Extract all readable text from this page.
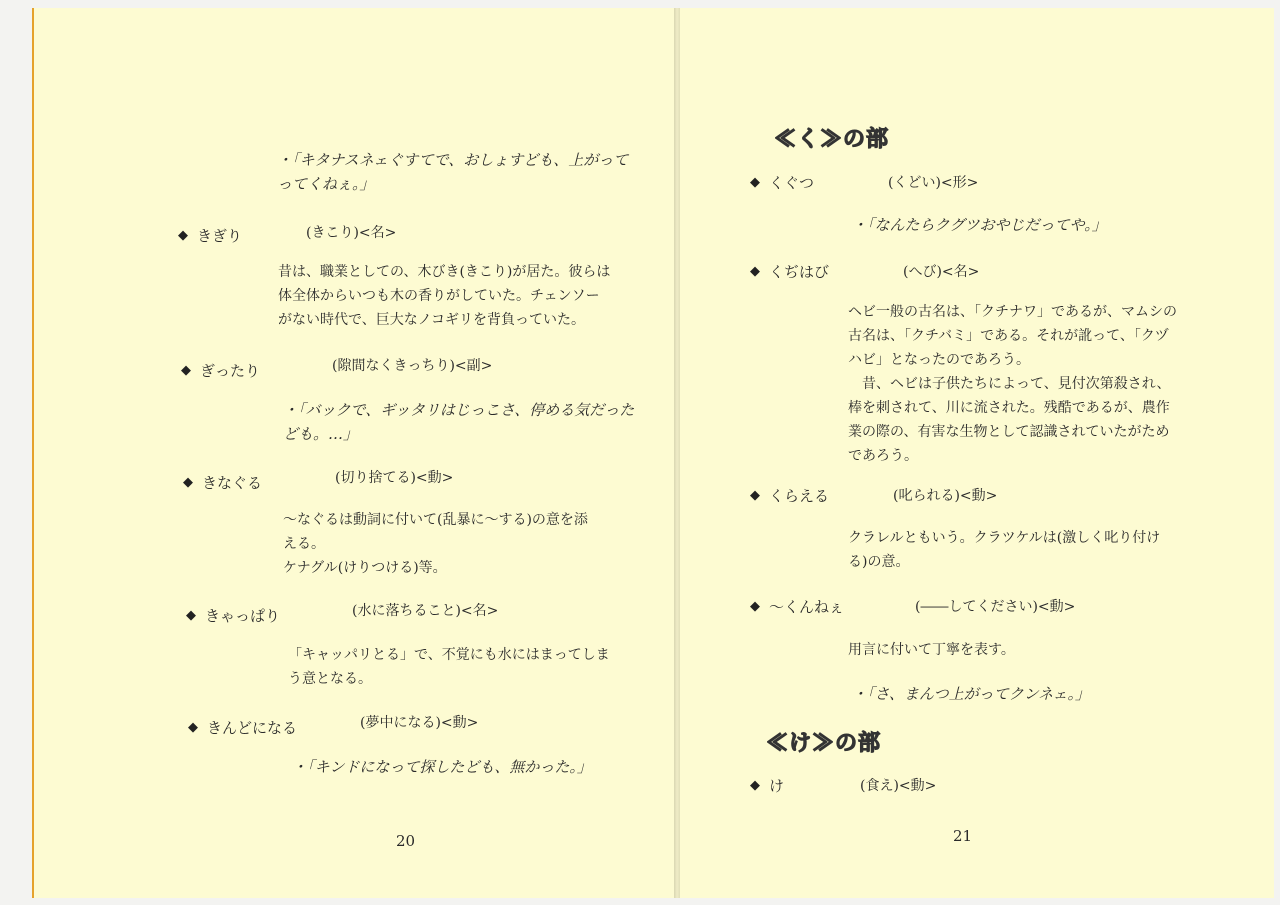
・「キタナスネェぐすてで、おしょすども、上がって
ってくねぇ。」
◆ きぎり	(きこり)<名>
昔は、職業としての、木びき(きこり)が居た。彼らは
体全体からいつも木の香りがしていた。チェンソー
がない時代で、巨大なノコギリを背負っていた。
◆ ぎったり	(隙間なくきっちり)<副>
・「バックで、ギッタリはじっこさ、停める気だった
ども。…」
◆ きなぐる	(切り捨てる)<動>
〜なぐるは動詞に付いて(乱暴に〜する)の意を添
える。
ケナグル(けりつける)等。
◆ きゃっぱり	(水に落ちること)<名>
「キャッパリとる」で、不覚にも水にはまってしま
う意となる。
◆ きんどになる	(夢中になる)<動>
・「キンドになって探したども、無かった。」
20
≪く≫の部
◆ くぐつ	(くどい)<形>
・「なんたらクグツおやじだってや。」
◆ くぢはび	(へび)<名>
ヘビ一般の古名は、「クチナワ」であるが、マムシの
古名は、「クチバミ」である。それが訛って、「クヅ
ハビ」となったのであろう。
　昔、ヘビは子供たちによって、見付次第殺され、
棒を刺されて、川に流された。残酷であるが、農作
業の際の、有害な生物として認識されていたがため
であろう。
◆ くらえる	(叱られる)<動>
クラレルともいう。クラツケルは(激しく叱り付け
る)の意。
◆ 〜くんねぇ	(――してください)<動>
用言に付いて丁寧を表す。
・「さ、まんつ上がってクンネェ。」
≪け≫の部
◆ け	(食え)<動>
21
